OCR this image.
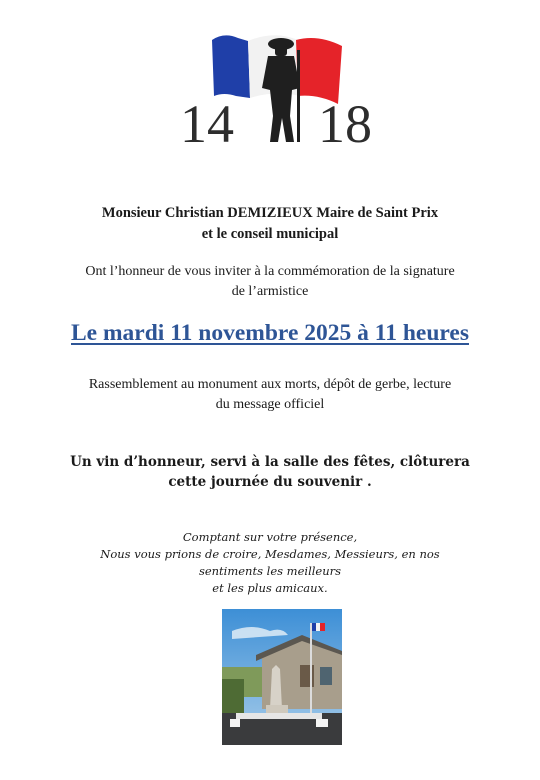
14 18
Monsieur Christian DEMIZIEUX Maire de Saint Prix
et le conseil municipal
Ont l’honneur de vous inviter à la commémoration de la signature
de l’armistice
Le mardi 11 novembre 2025 à 11 heures
Rassemblement au monument aux morts, dépôt de gerbe, lecture
du message officiel
Un vin d’honneur, servi à la salle des fêtes, clôturera
cette journée du souvenir .
Comptant sur votre présence,
Nous vous prions de croire, Mesdames, Messieurs, en nos
sentiments les meilleurs
et les plus amicaux.
